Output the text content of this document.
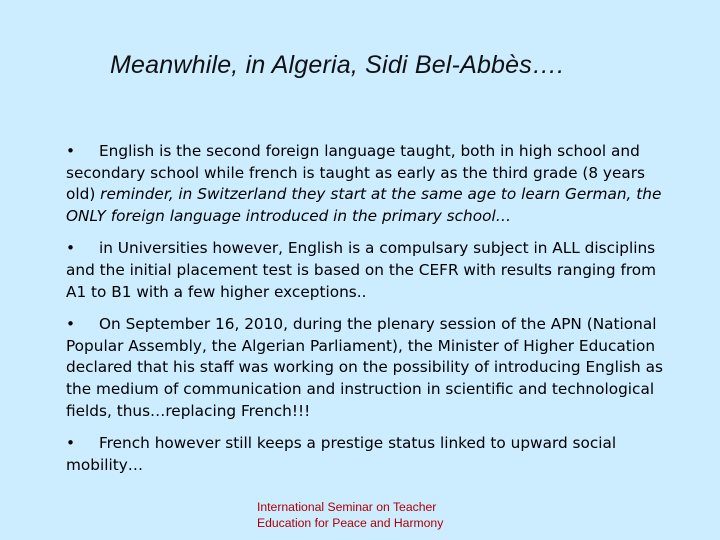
Meanwhile, in Algeria, Sidi Bel-Abbès….

• English is the second foreign language taught, both in high school and secondary school while french is taught as early as the third grade (8 years old) reminder, in Switzerland they start at the same age to learn German, the ONLY foreign language introduced in the primary school…

• in Universities however, English is a compulsary subject in ALL disciplins and the initial placement test is based on the CEFR with results ranging from A1 to B1 with a few higher exceptions..

• On September 16, 2010, during the plenary session of the APN (National Popular Assembly, the Algerian Parliament), the Minister of Higher Education declared that his staff was working on the possibility of introducing English as the medium of communication and instruction in scientific and technological fields, thus…replacing French!!!

• French however still keeps a prestige status linked to upward social mobility…

International Seminar on Teacher
Education for Peace and Harmony
